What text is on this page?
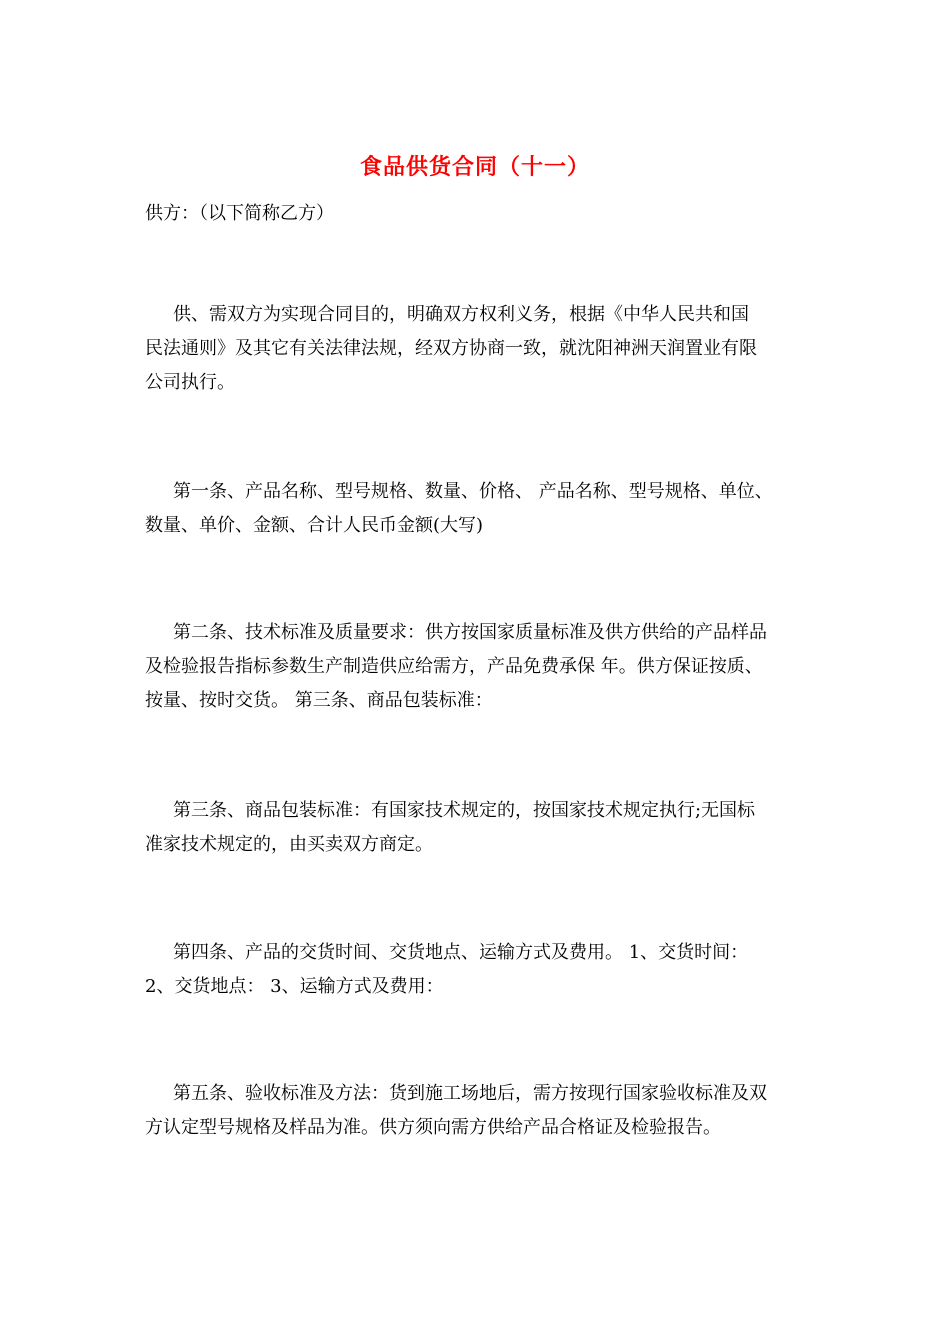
食品供货合同（十一）
供方：（以下简称乙方）
供、需双方为实现合同目的，明确双方权利义务，根据《中华人民共和国
民法通则》及其它有关法律法规，经双方协商一致，就沈阳神洲天润置业有限
公司执行。
第一条、产品名称、型号规格、数量、价格、 产品名称、型号规格、单位、
数量、单价、金额、合计人民币金额(大写)
第二条、技术标准及质量要求：供方按国家质量标准及供方供给的产品样品
及检验报告指标参数生产制造供应给需方，产品免费承保 年。供方保证按质、
按量、按时交货。 第三条、商品包装标准：
第三条、商品包装标准：有国家技术规定的，按国家技术规定执行;无国标
准家技术规定的，由买卖双方商定。
第四条、产品的交货时间、交货地点、运输方式及费用。 1、交货时间：
2、交货地点： 3、运输方式及费用：
第五条、验收标准及方法：货到施工场地后，需方按现行国家验收标准及双
方认定型号规格及样品为准。供方须向需方供给产品合格证及检验报告。
